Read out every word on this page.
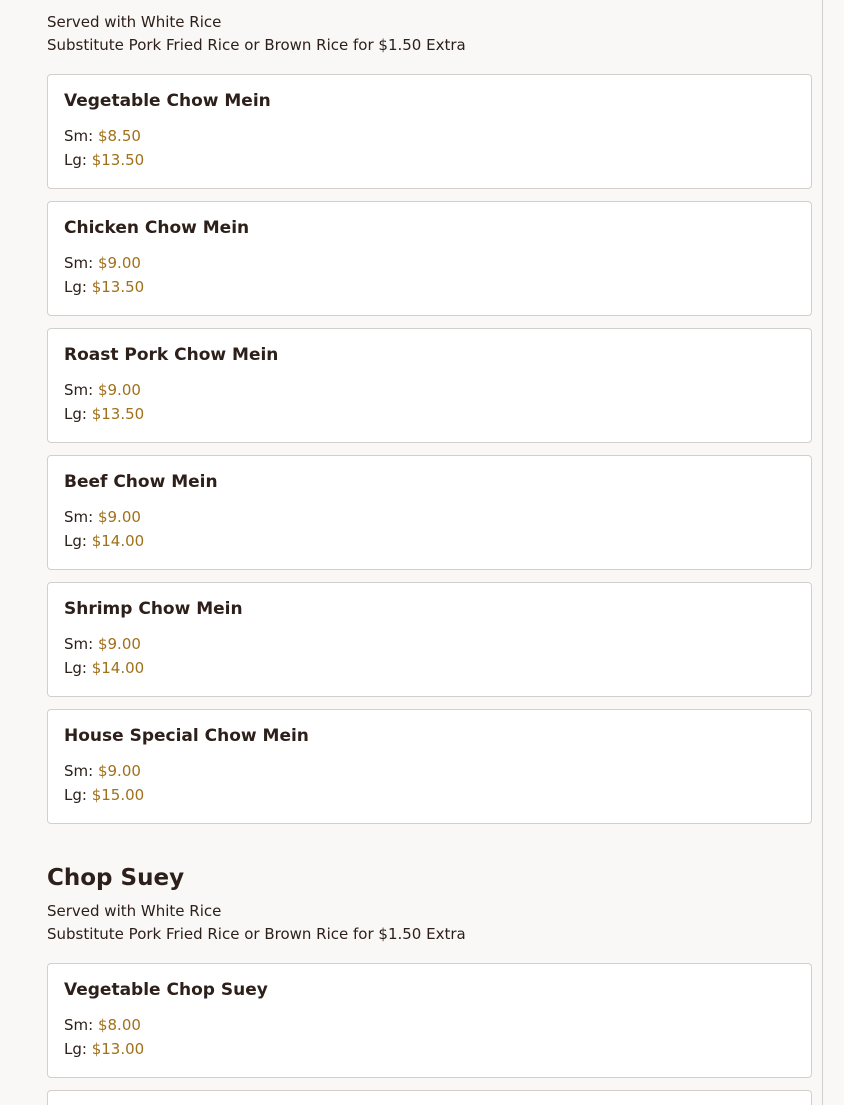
Served with White Rice
Substitute Pork Fried Rice or Brown Rice for $1.50 Extra
Vegetable Chow Mein
Sm: $8.50
Lg: $13.50
Chicken Chow Mein
Sm: $9.00
Lg: $13.50
Roast Pork Chow Mein
Sm: $9.00
Lg: $13.50
Beef Chow Mein
Sm: $9.00
Lg: $14.00
Shrimp Chow Mein
Sm: $9.00
Lg: $14.00
House Special Chow Mein
Sm: $9.00
Lg: $15.00
Chop Suey
Served with White Rice
Substitute Pork Fried Rice or Brown Rice for $1.50 Extra
Vegetable Chop Suey
Sm: $8.00
Lg: $13.00
